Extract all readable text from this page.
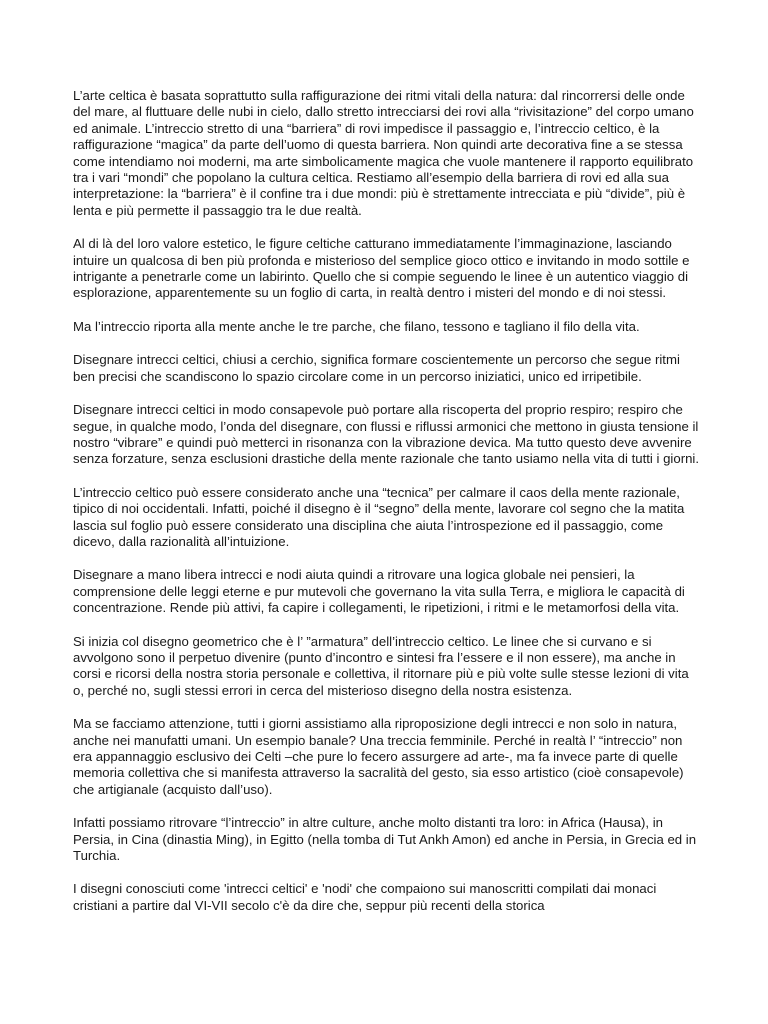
L’arte celtica è basata soprattutto sulla raffigurazione dei ritmi vitali della natura: dal rincorrersi delle onde del mare, al fluttuare delle nubi in cielo, dallo stretto intrecciarsi dei rovi alla “rivisitazione” del corpo umano ed animale. L’intreccio stretto di una “barriera” di rovi impedisce il passaggio e, l’intreccio celtico, è la raffigurazione “magica” da parte dell’uomo di questa barriera. Non quindi arte decorativa fine a se stessa come intendiamo noi moderni, ma arte simbolicamente magica che vuole mantenere il rapporto equilibrato tra i vari “mondi” che popolano la cultura celtica. Restiamo all’esempio della barriera di rovi ed alla sua interpretazione: la “barriera” è il confine tra i due mondi: più è strettamente intrecciata e più “divide”, più è lenta e più permette il passaggio tra le due realtà.

Al di là del loro valore estetico, le figure celtiche catturano immediatamente l’immaginazione, lasciando intuire un qualcosa di ben più profonda e misterioso del semplice gioco ottico e invitando in modo sottile e intrigante a penetrarle come un labirinto. Quello che si compie seguendo le linee è un autentico viaggio di esplorazione, apparentemente su un foglio di carta, in realtà dentro i misteri del mondo e di noi stessi.

Ma l’intreccio riporta alla mente anche le tre parche, che filano, tessono e tagliano il filo della vita.

Disegnare intrecci celtici, chiusi a cerchio, significa formare coscientemente un percorso che segue ritmi ben precisi che scandiscono lo spazio circolare come in un percorso iniziatici, unico ed irripetibile.

Disegnare intrecci celtici in modo consapevole può portare alla riscoperta del proprio respiro; respiro che segue, in qualche modo, l’onda del disegnare, con flussi e riflussi armonici che mettono in giusta tensione il nostro “vibrare” e quindi può metterci in risonanza con la vibrazione devica. Ma tutto questo deve avvenire senza forzature, senza esclusioni drastiche della mente razionale che tanto usiamo nella vita di tutti i giorni.

L’intreccio celtico può essere considerato anche una “tecnica” per calmare il caos della mente razionale, tipico di noi occidentali. Infatti, poiché il disegno è il “segno” della mente, lavorare col segno che la matita lascia sul foglio può essere considerato una disciplina che aiuta l’introspezione ed il passaggio, come dicevo, dalla razionalità all’intuizione.

Disegnare a mano libera intrecci e nodi aiuta quindi a ritrovare una logica globale nei pensieri, la comprensione delle leggi eterne e pur mutevoli che governano la vita sulla Terra, e migliora le capacità di concentrazione. Rende più attivi, fa capire i collegamenti, le ripetizioni, i ritmi e le metamorfosi della vita.

Si inizia col disegno geometrico che è l’ ”armatura” dell’intreccio celtico. Le linee che si curvano e si avvolgono sono il perpetuo divenire (punto d’incontro e sintesi fra l’essere e il non essere), ma anche in corsi e ricorsi della nostra storia personale e collettiva, il ritornare più e più volte sulle stesse lezioni di vita o, perché no, sugli stessi errori in cerca del misterioso disegno della nostra esistenza.

Ma se facciamo attenzione, tutti i giorni assistiamo alla riproposizione degli intrecci e non solo in natura, anche nei manufatti umani. Un esempio banale? Una treccia femminile. Perché in realtà l’ “intreccio” non era appannaggio esclusivo dei Celti –che pure lo fecero assurgere ad arte-, ma fa invece parte di quelle memoria collettiva che si manifesta attraverso la sacralità del gesto, sia esso artistico (cioè consapevole) che artigianale (acquisto dall’uso).

Infatti possiamo ritrovare “l’intreccio” in altre culture, anche molto distanti tra loro: in Africa (Hausa), in Persia, in Cina (dinastia Ming), in Egitto (nella tomba di Tut Ankh Amon) ed anche in Persia, in Grecia ed in Turchia.

I disegni conosciuti come 'intrecci celtici' e 'nodi' che compaiono sui manoscritti compilati dai monaci cristiani a partire dal VI-VII secolo c'è da dire che, seppur più recenti della storica
